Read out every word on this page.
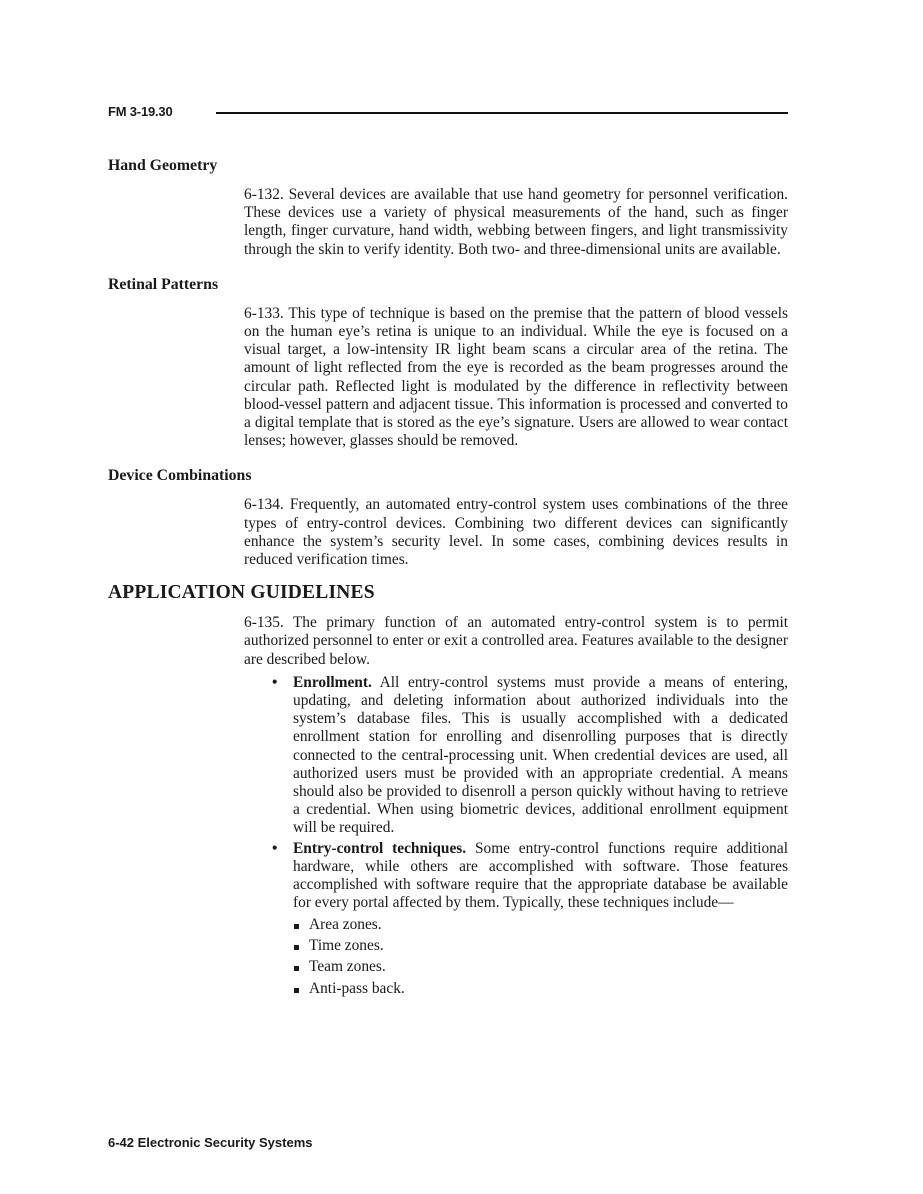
FM 3-19.30
Hand Geometry

6-132. Several devices are available that use hand geometry for personnel verification. These devices use a variety of physical measurements of the hand, such as finger length, finger curvature, hand width, webbing between fingers, and light transmissivity through the skin to verify identity. Both two- and three-dimensional units are available.

Retinal Patterns

6-133. This type of technique is based on the premise that the pattern of blood vessels on the human eye’s retina is unique to an individual. While the eye is focused on a visual target, a low-intensity IR light beam scans a circular area of the retina. The amount of light reflected from the eye is recorded as the beam progresses around the circular path. Reflected light is modulated by the difference in reflectivity between blood-vessel pattern and adjacent tissue. This information is processed and converted to a digital template that is stored as the eye’s signature. Users are allowed to wear contact lenses; however, glasses should be removed.

Device Combinations

6-134. Frequently, an automated entry-control system uses combinations of the three types of entry-control devices. Combining two different devices can significantly enhance the system’s security level. In some cases, combining devices results in reduced verification times.

APPLICATION GUIDELINES

6-135. The primary function of an automated entry-control system is to permit authorized personnel to enter or exit a controlled area. Features available to the designer are described below.

• Enrollment. All entry-control systems must provide a means of entering, updating, and deleting information about authorized individuals into the system’s database files. This is usually accomplished with a dedicated enrollment station for enrolling and disenrolling purposes that is directly connected to the central-processing unit. When credential devices are used, all authorized users must be provided with an appropriate credential. A means should also be provided to disenroll a person quickly without having to retrieve a credential. When using biometric devices, additional enrollment equipment will be required.
• Entry-control techniques. Some entry-control functions require additional hardware, while others are accomplished with software. Those features accomplished with software require that the appropriate database be available for every portal affected by them. Typically, these techniques include—
Area zones.
Time zones.
Team zones.
Anti-pass back.
6-42 Electronic Security Systems
